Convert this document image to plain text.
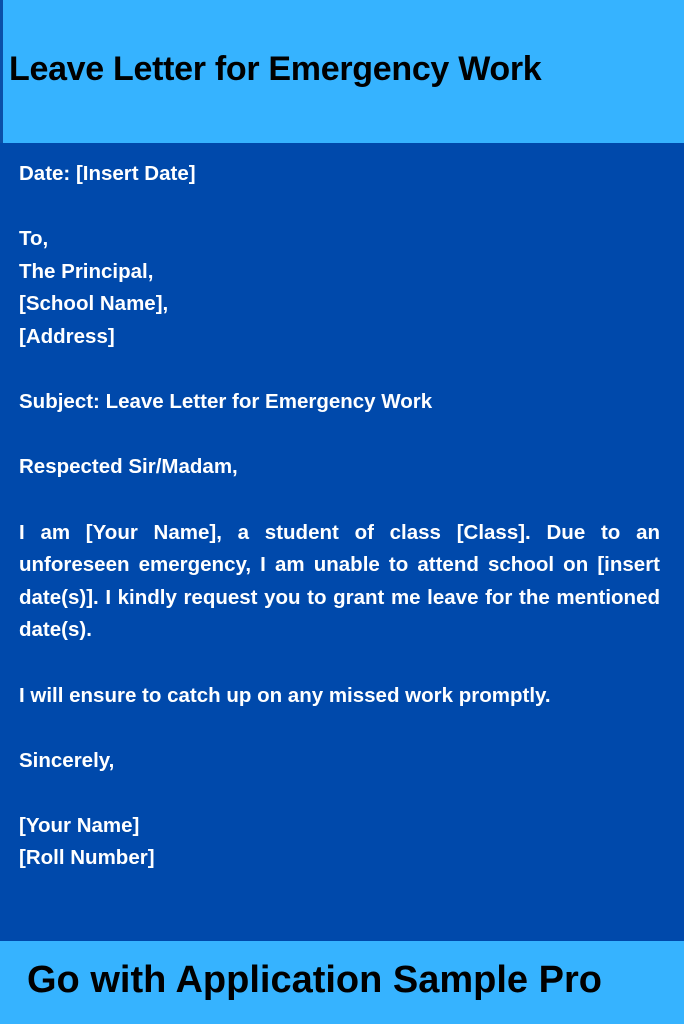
Leave Letter for Emergency Work

Date: [Insert Date]

To,

The Principal,

[School Name],

[Address]

Subject: Leave Letter for Emergency Work

Respected Sir/Madam,

I am [Your Name], a student of class [Class]. Due to an unforeseen emergency, I am unable to attend school on [insert date(s)]. I kindly request you to grant me leave for the mentioned date(s).

I will ensure to catch up on any missed work promptly.

Sincerely,

[Your Name]

[Roll Number]

Go with Application Sample Pro
